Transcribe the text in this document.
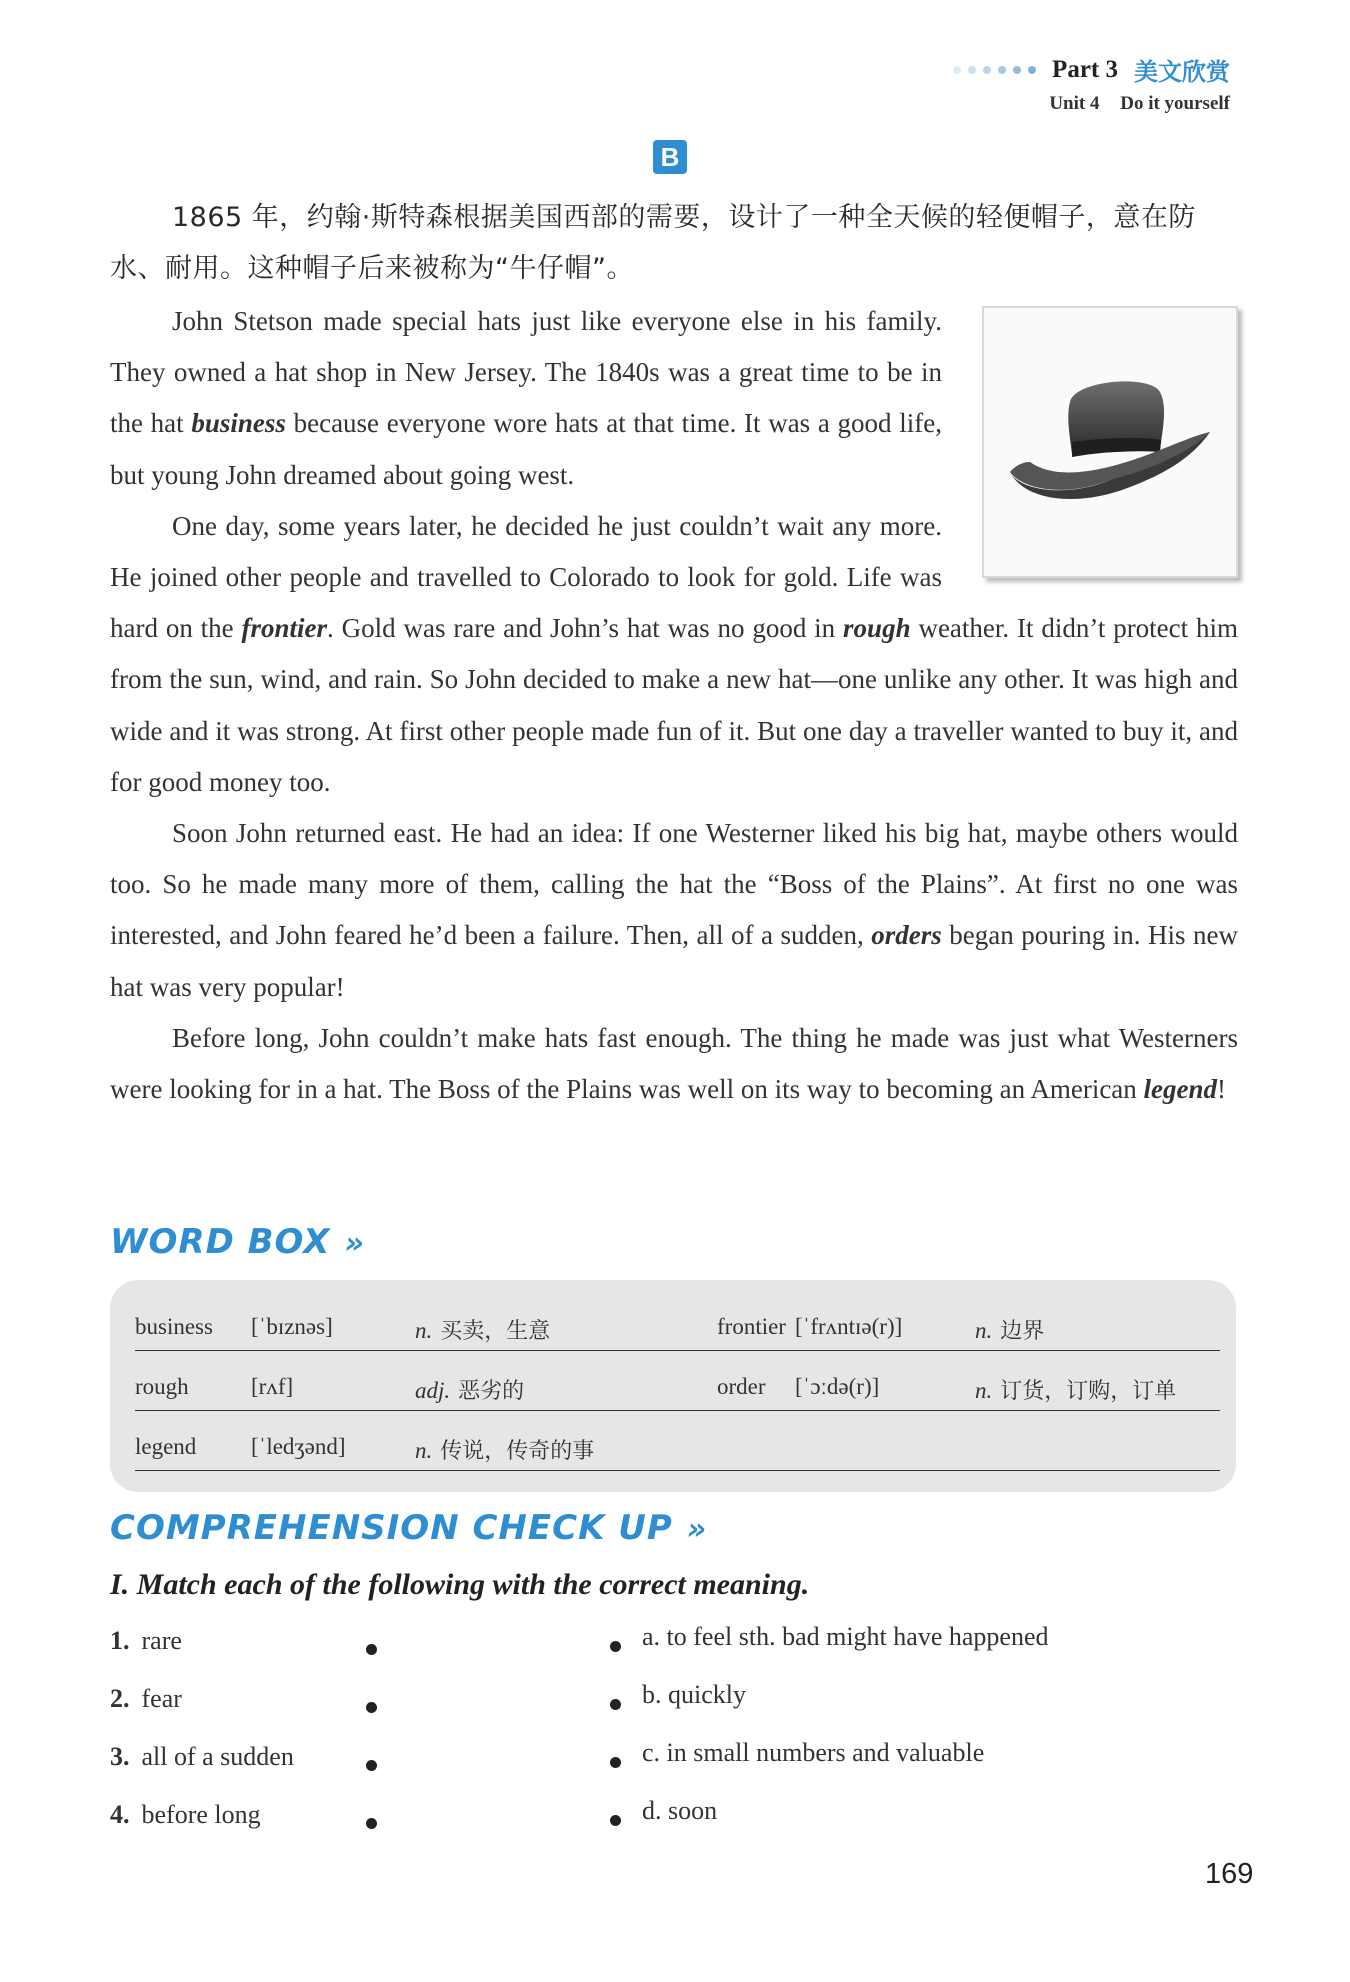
Part 3 美文欣赏
Unit 4 Do it yourself
B

1865 年，约翰·斯特森根据美国西部的需要，设计了一种全天候的轻便帽子，意在防水、耐用。这种帽子后来被称为“牛仔帽”。

John Stetson made special hats just like everyone else in his family. They owned a hat shop in New Jersey. The 1840s was a great time to be in the hat business because everyone wore hats at that time. It was a good life, but young John dreamed about going west.

One day, some years later, he decided he just couldn’t wait any more. He joined other people and travelled to Colorado to look for gold. Life was hard on the frontier. Gold was rare and John’s hat was no good in rough weather. It didn’t protect him from the sun, wind, and rain. So John decided to make a new hat—one unlike any other. It was high and wide and it was strong. At first other people made fun of it. But one day a traveller wanted to buy it, and for good money too.

Soon John returned east. He had an idea: If one Westerner liked his big hat, maybe others would too. So he made many more of them, calling the hat the “Boss of the Plains”. At first no one was interested, and John feared he’d been a failure. Then, all of a sudden, orders began pouring in. His new hat was very popular!

Before long, John couldn’t make hats fast enough. The thing he made was just what Westerners were looking for in a hat. The Boss of the Plains was well on its way to becoming an American legend!

WORD BOX »
business [ˈbɪznəs]	n. 买卖，生意	frontier [ˈfrʌntɪə(r)]	n. 边界
rough	[rʌf]	adj. 恶劣的	order [ˈɔːdə(r)]	n. 订货，订购，订单
legend [ˈledʒənd]	n. 传说，传奇的事
COMPREHENSION CHECK UP »
I. Match each of the following with the correct meaning.
1. rare
2. fear
3. all of a sudden
4. before long
a. to feel sth. bad might have happened
b. quickly
c. in small numbers and valuable
d. soon
169
